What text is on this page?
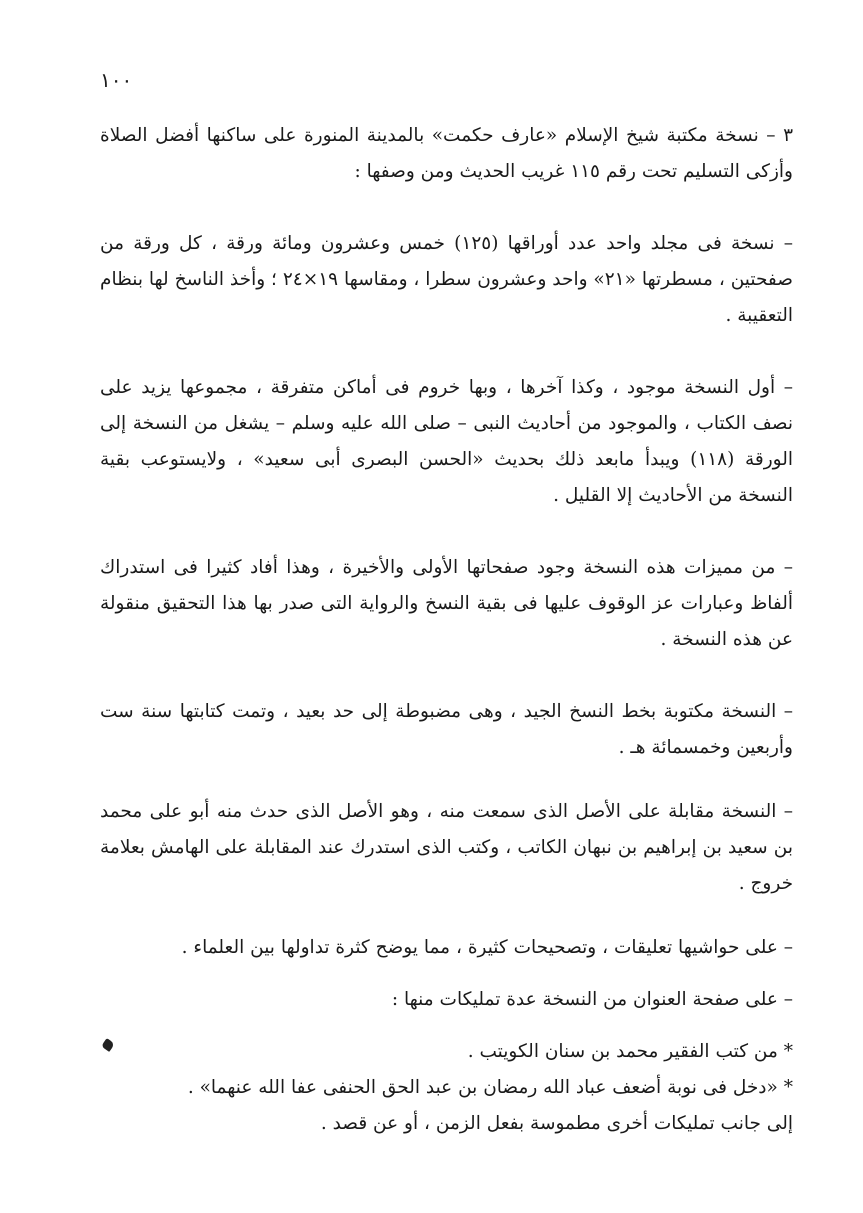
١٠٠

٣ – نسخة مكتبة شيخ الإسلام «عارف حكمت» بالمدينة المنورة على ساكنها أفضل الصلاة وأزكى التسليم تحت رقم ١١٥ غريب الحديث ومن وصفها :

– نسخة فى مجلد واحد عدد أوراقها (١٢٥) خمس وعشرون ومائة ورقة ، كل ورقة من صفحتين ، مسطرتها «٢١» واحد وعشرون سطرا ، ومقاسها ١٩×٢٤ ؛ وأخذ الناسخ لها بنظام التعقيبة .

– أول النسخة موجود ، وكذا آخرها ، وبها خروم فى أماكن متفرقة ، مجموعها يزيد على نصف الكتاب ، والموجود من أحاديث النبى – صلى الله عليه وسلم – يشغل من النسخة إلى الورقة (١١٨) ويبدأ مابعد ذلك بحديث «الحسن البصرى أبى سعيد» ، ولايستوعب بقية النسخة من الأحاديث إلا القليل .

– من مميزات هذه النسخة وجود صفحاتها الأولى والأخيرة ، وهذا أفاد كثيرا فى استدراك ألفاظ وعبارات عز الوقوف عليها فى بقية النسخ والرواية التى صدر بها هذا التحقيق منقولة عن هذه النسخة .

– النسخة مكتوبة بخط النسخ الجيد ، وهى مضبوطة إلى حد بعيد ، وتمت كتابتها سنة ست وأربعين وخمسمائة هـ .

– النسخة مقابلة على الأصل الذى سمعت منه ، وهو الأصل الذى حدث منه أبو على محمد بن سعيد بن إبراهيم بن نبهان الكاتب ، وكتب الذى استدرك عند المقابلة على الهامش بعلامة خروج .

– على حواشيها تعليقات ، وتصحيحات كثيرة ، مما يوضح كثرة تداولها بين العلماء .

– على صفحة العنوان من النسخة عدة تمليكات منها :

* من كتب الفقير محمد بن سنان الكويتب .

* «دخل فى نوبة أضعف عباد الله رمضان بن عبد الحق الحنفى عفا الله عنهما» .

إلى جانب تمليكات أخرى مطموسة بفعل الزمن ، أو عن قصد .
